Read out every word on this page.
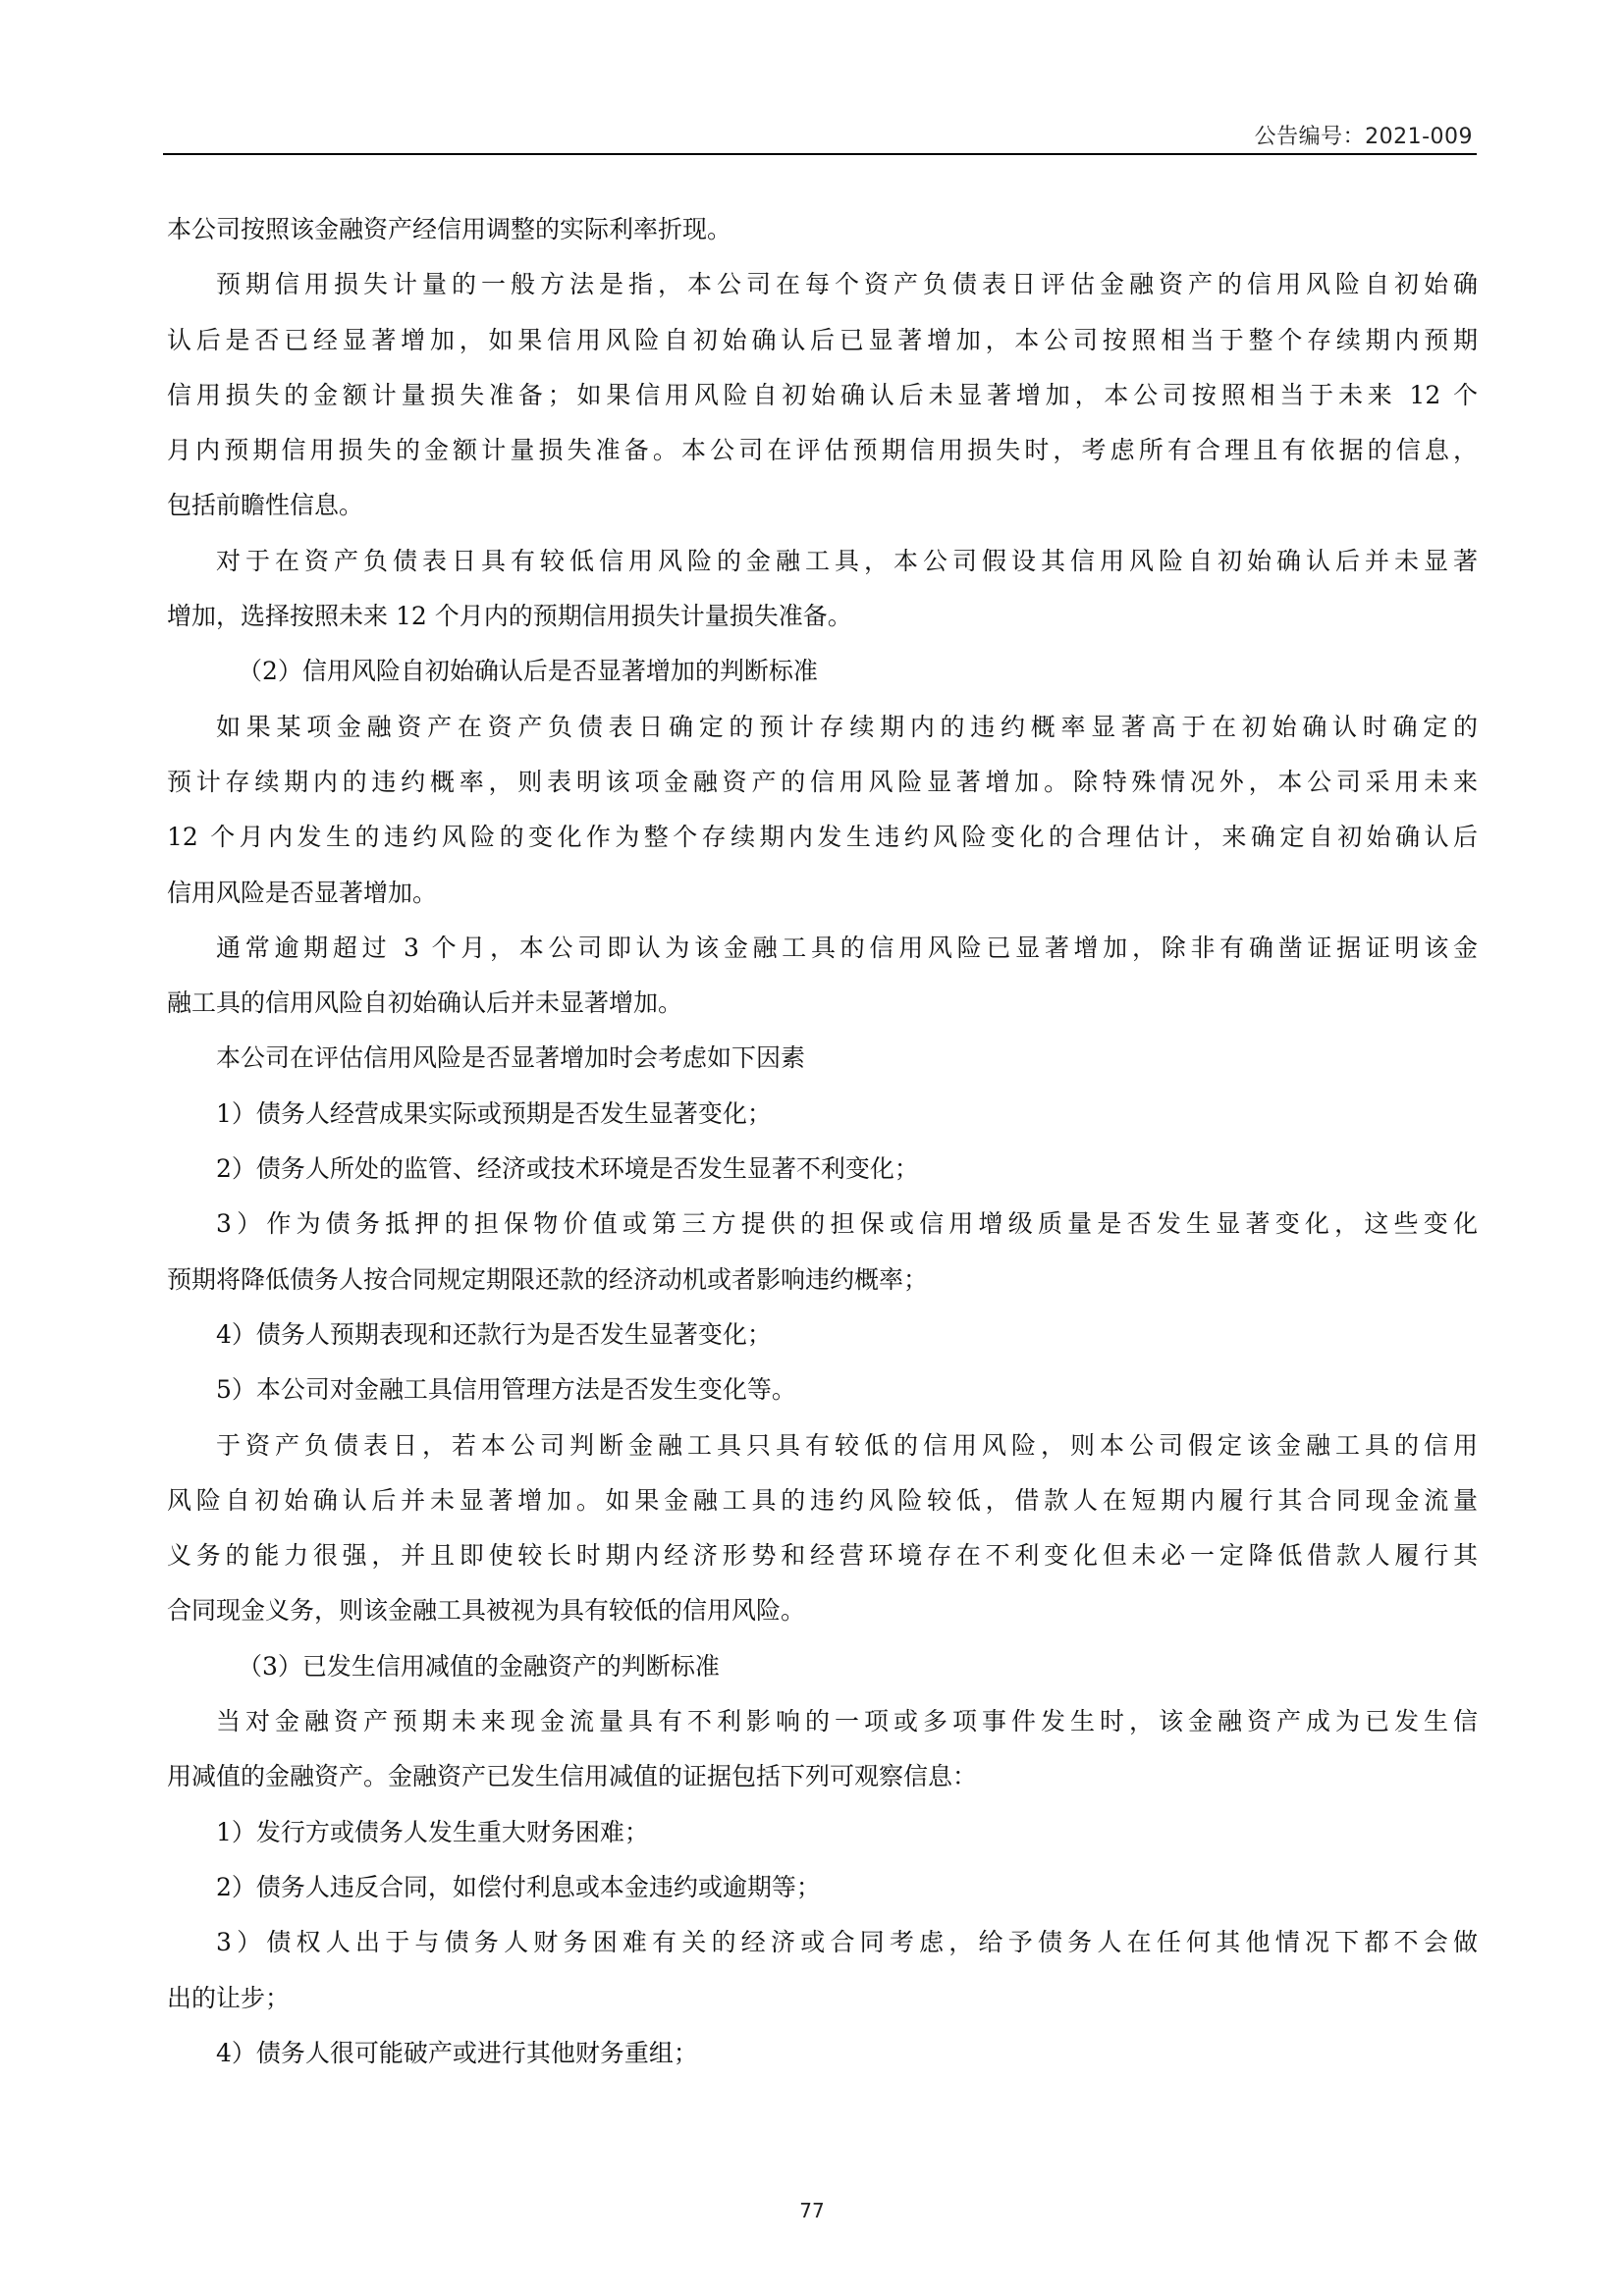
公告编号：2021-009
本公司按照该金融资产经信用调整的实际利率折现。
预期信用损失计量的一般方法是指，本公司在每个资产负债表日评估金融资产的信用风险自初始确
认后是否已经显著增加，如果信用风险自初始确认后已显著增加，本公司按照相当于整个存续期内预期
信用损失的金额计量损失准备；如果信用风险自初始确认后未显著增加，本公司按照相当于未来 12 个
月内预期信用损失的金额计量损失准备。本公司在评估预期信用损失时，考虑所有合理且有依据的信息，
包括前瞻性信息。
对于在资产负债表日具有较低信用风险的金融工具，本公司假设其信用风险自初始确认后并未显著
增加，选择按照未来 12 个月内的预期信用损失计量损失准备。
（2）信用风险自初始确认后是否显著增加的判断标准
如果某项金融资产在资产负债表日确定的预计存续期内的违约概率显著高于在初始确认时确定的
预计存续期内的违约概率，则表明该项金融资产的信用风险显著增加。除特殊情况外，本公司采用未来
12 个月内发生的违约风险的变化作为整个存续期内发生违约风险变化的合理估计，来确定自初始确认后
信用风险是否显著增加。
通常逾期超过 3 个月，本公司即认为该金融工具的信用风险已显著增加，除非有确凿证据证明该金
融工具的信用风险自初始确认后并未显著增加。
本公司在评估信用风险是否显著增加时会考虑如下因素
1）债务人经营成果实际或预期是否发生显著变化；
2）债务人所处的监管、经济或技术环境是否发生显著不利变化；
3）作为债务抵押的担保物价值或第三方提供的担保或信用增级质量是否发生显著变化，这些变化
预期将降低债务人按合同规定期限还款的经济动机或者影响违约概率；
4）债务人预期表现和还款行为是否发生显著变化；
5）本公司对金融工具信用管理方法是否发生变化等。
于资产负债表日，若本公司判断金融工具只具有较低的信用风险，则本公司假定该金融工具的信用
风险自初始确认后并未显著增加。如果金融工具的违约风险较低，借款人在短期内履行其合同现金流量
义务的能力很强，并且即使较长时期内经济形势和经营环境存在不利变化但未必一定降低借款人履行其
合同现金义务，则该金融工具被视为具有较低的信用风险。
（3）已发生信用减值的金融资产的判断标准
当对金融资产预期未来现金流量具有不利影响的一项或多项事件发生时，该金融资产成为已发生信
用减值的金融资产。金融资产已发生信用减值的证据包括下列可观察信息：
1）发行方或债务人发生重大财务困难；
2）债务人违反合同，如偿付利息或本金违约或逾期等；
3）债权人出于与债务人财务困难有关的经济或合同考虑，给予债务人在任何其他情况下都不会做
出的让步；
4）债务人很可能破产或进行其他财务重组；
77
